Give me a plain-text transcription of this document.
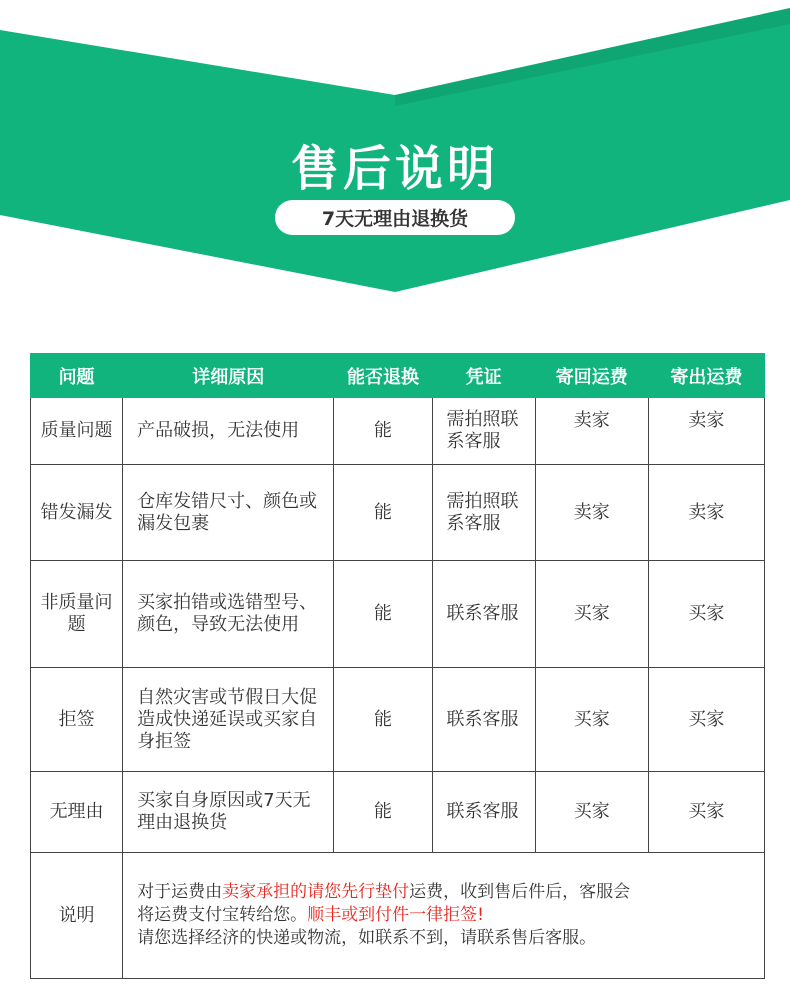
售后说明
7天无理由退换货
问题	详细原因	能否退换	凭证	寄回运费	寄出运费
质量问题	产品破损，无法使用	能	需拍照联系客服	卖家	卖家
错发漏发	仓库发错尺寸、颜色或漏发包裹	能	需拍照联系客服	卖家	卖家
非质量问题	买家拍错或选错型号、颜色，导致无法使用	能	联系客服	买家	买家
拒签	自然灾害或节假日大促造成快递延误或买家自身拒签	能	联系客服	买家	买家
无理由	买家自身原因或7天无理由退换货	能	联系客服	买家	买家
说明	对于运费由卖家承担的请您先行垫付运费，收到售后件后，客服会
将运费支付宝转给您。顺丰或到付件一律拒签!
请您选择经济的快递或物流，如联系不到，请联系售后客服。				
